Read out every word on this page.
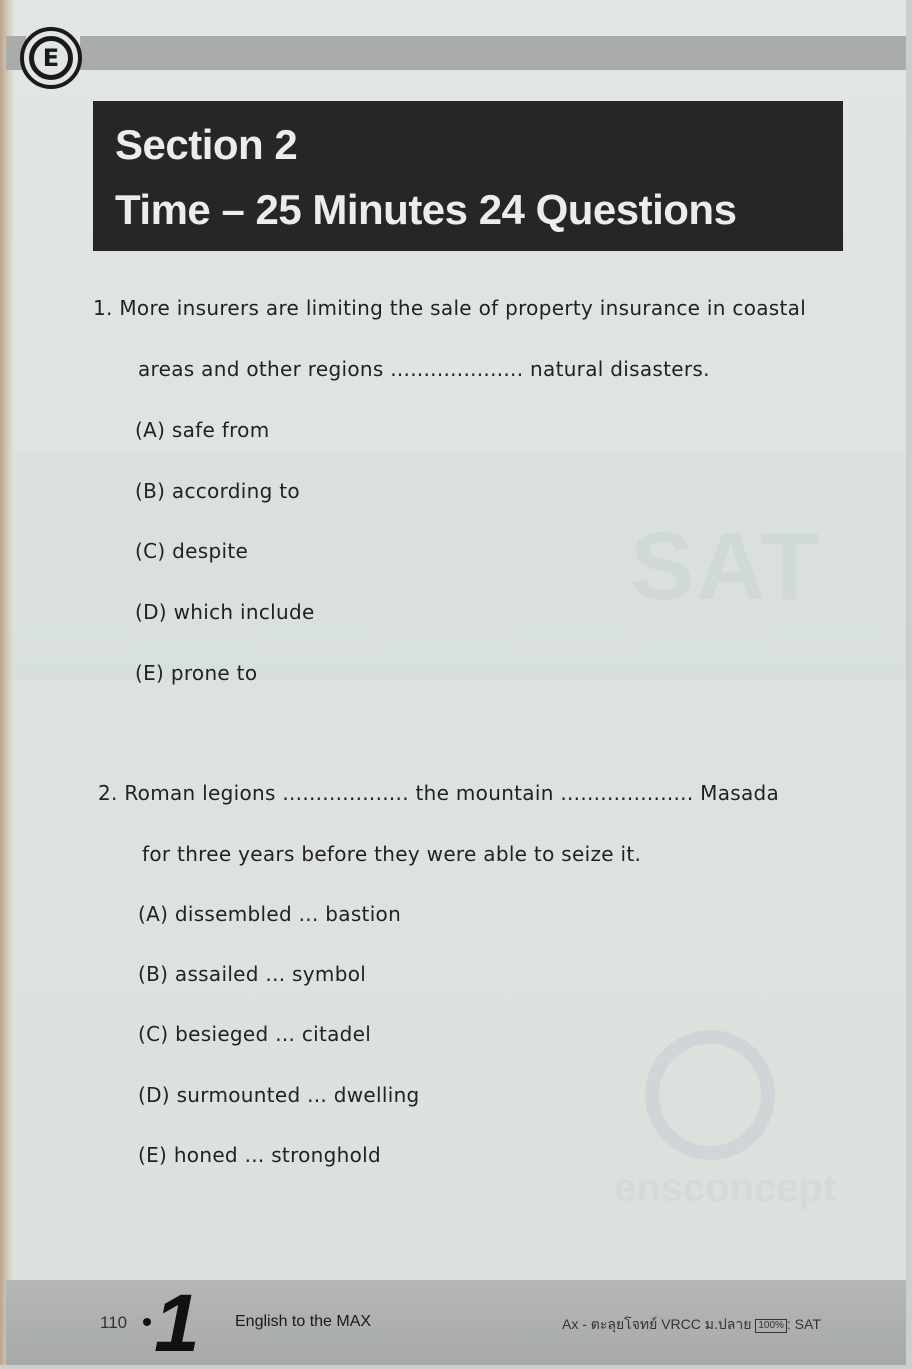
E
Section 2
Time – 25 Minutes 24 Questions
SAT
ensconcept
1. More insurers are limiting the sale of property insurance in coastal
areas and other regions .................... natural disasters.
(A) safe from
(B) according to
(C) despite
(D) which include
(E) prone to
2. Roman legions ................... the mountain .................... Masada
for three years before they were able to seize it.
(A) dissembled ... bastion
(B) assailed ... symbol
(C) besieged ... citadel
(D) surmounted ... dwelling
(E) honed ... stronghold
110 1 English to the MAX	Ax - ตะลุยโจทย์ VRCC ม.ปลาย 100% : SAT
